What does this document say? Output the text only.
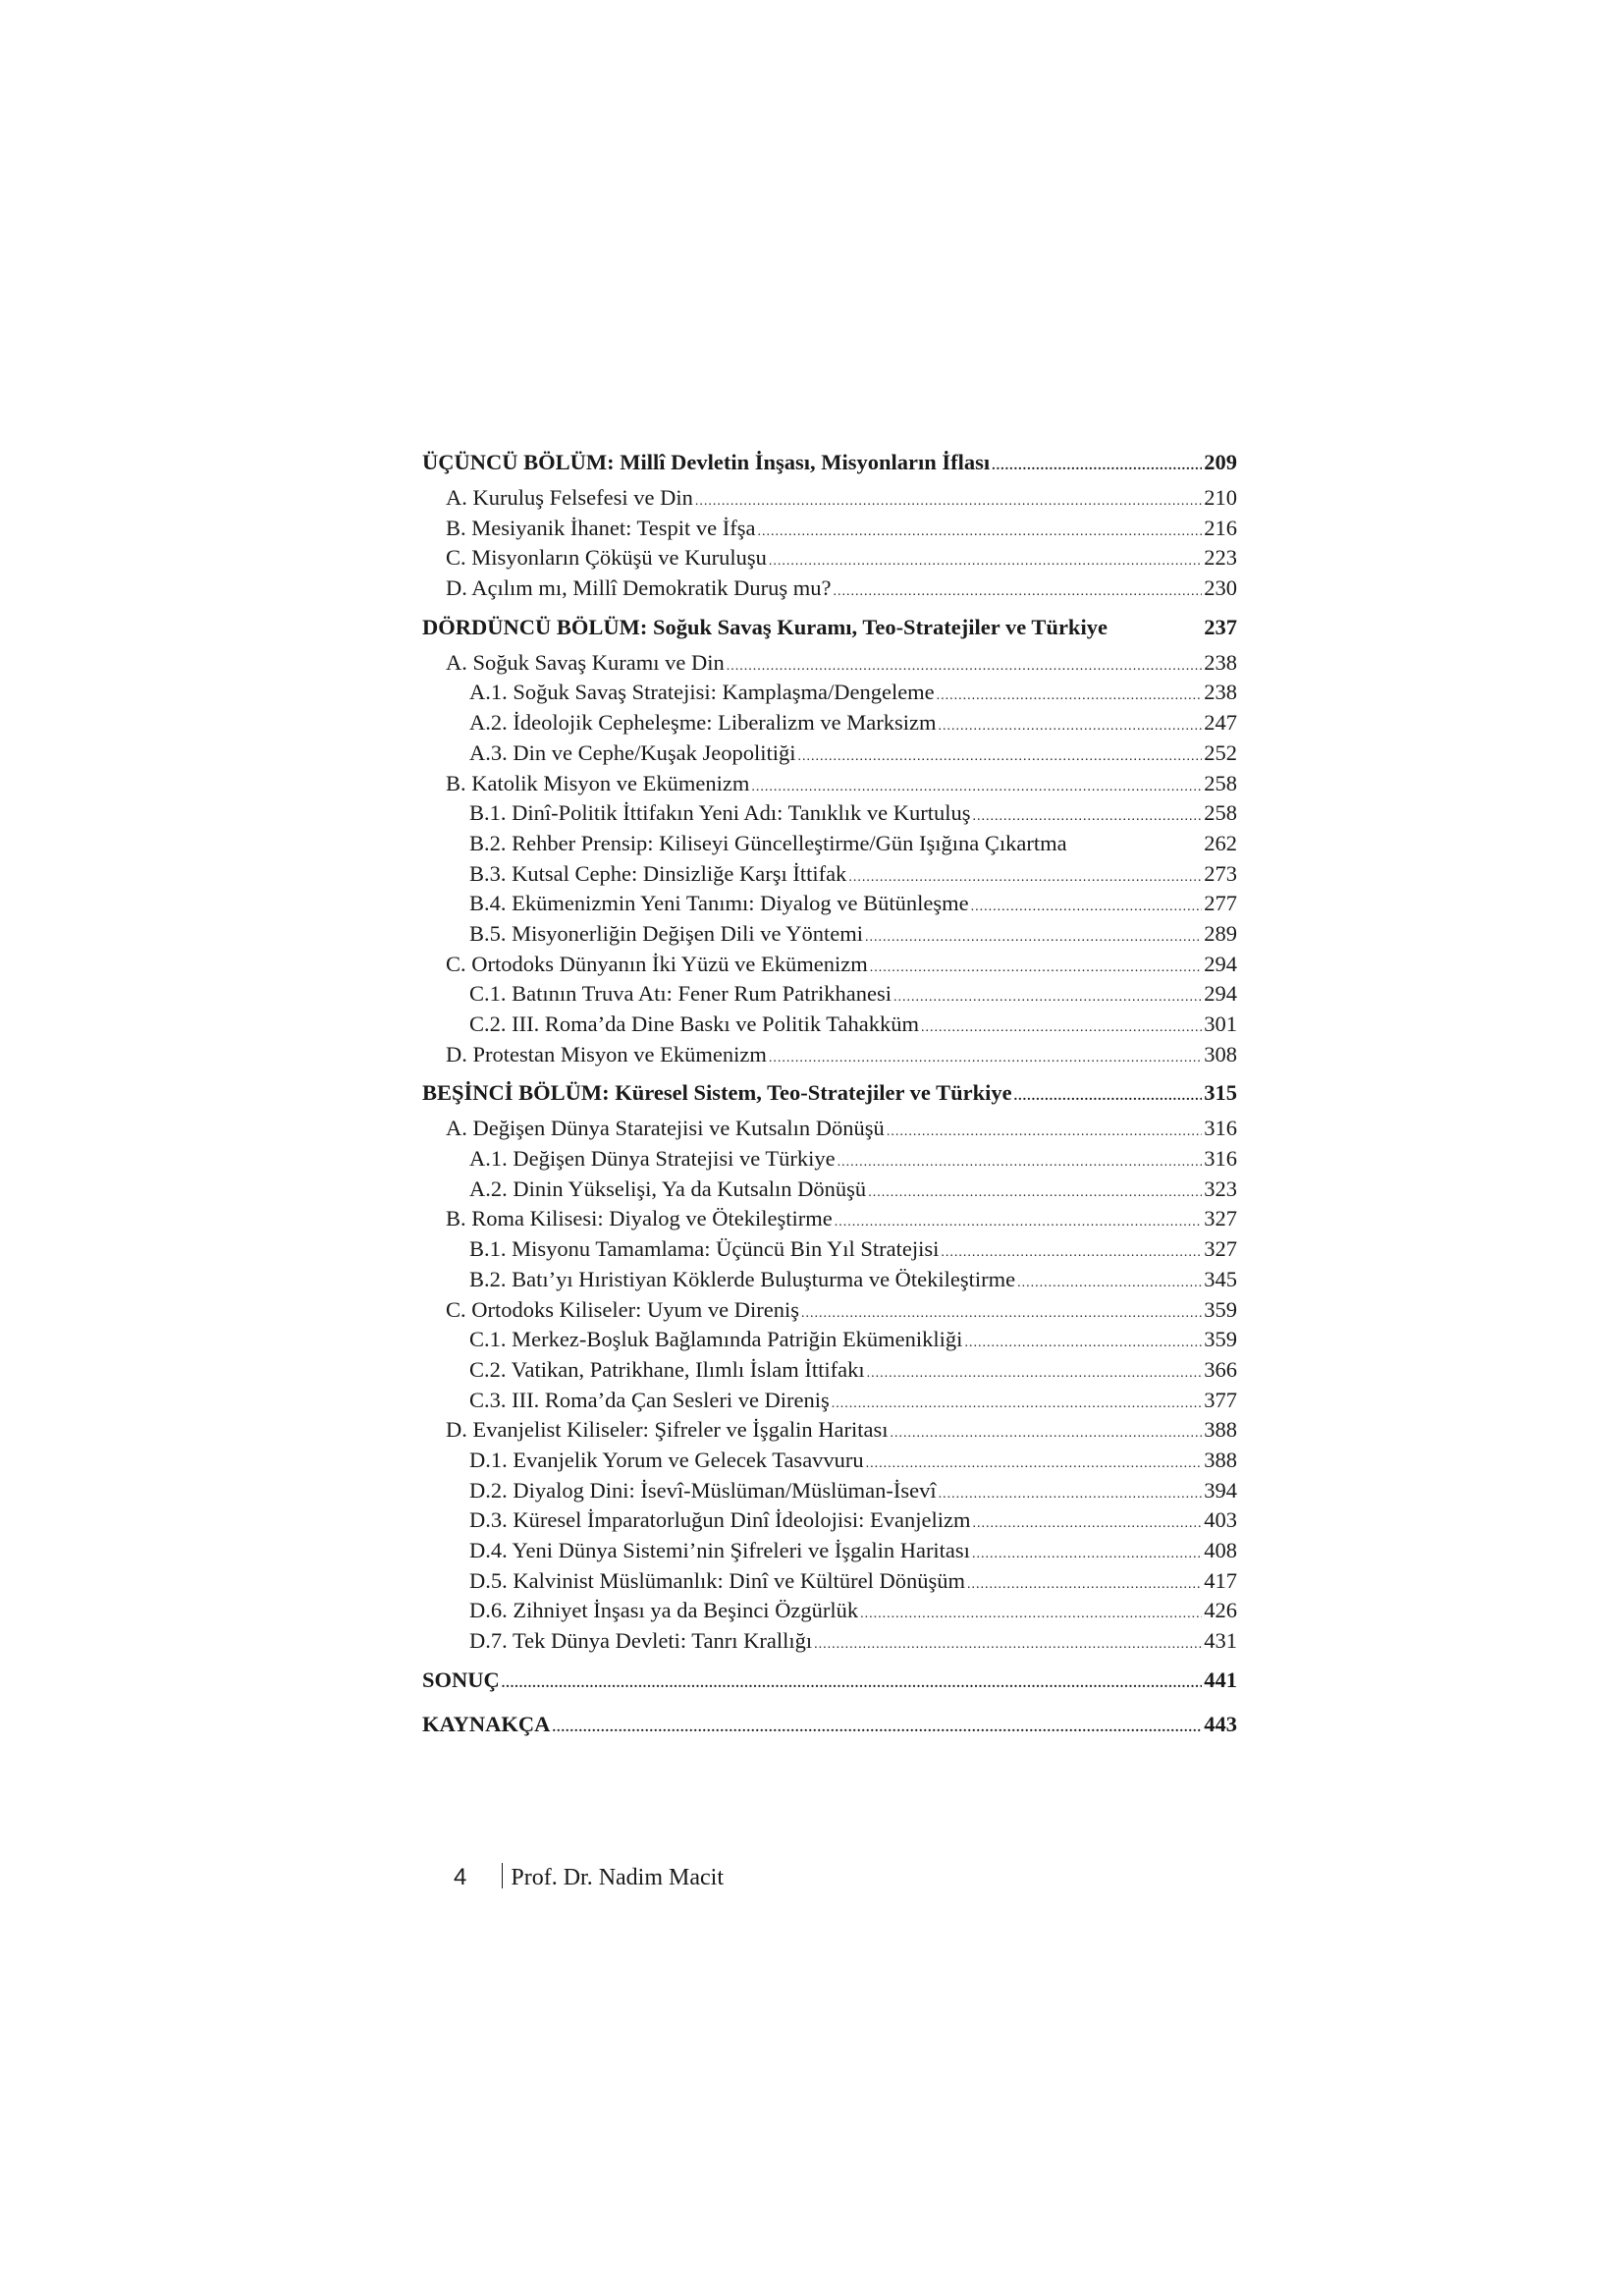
ÜÇÜNCÜ BÖLÜM: Millî Devletin İnşası, Misyonların İflası .....	209
A. Kuruluş Felsefesi ve Din .....	210
B. Mesiyanik İhanet: Tespit ve İfşa .....	216
C. Misyonların Çöküşü ve Kuruluşu .....	223
D. Açılım mı, Millî Demokratik Duruş mu? .....	230
DÖRDÜNCÜ BÖLÜM: Soğuk Savaş Kuramı, Teo-Stratejiler ve Türkiye	237
A. Soğuk Savaş Kuramı ve Din .....	238
A.1. Soğuk Savaş Stratejisi: Kamplaşma/Dengeleme .....	238
A.2. İdeolojik Cepheleşme: Liberalizm ve Marksizm .....	247
A.3. Din ve Cephe/Kuşak Jeopolitiği .....	252
B. Katolik Misyon ve Ekümenizm .....	258
B.1. Dinî-Politik İttifakın Yeni Adı: Tanıklık ve Kurtuluş .....	258
B.2. Rehber Prensip: Kiliseyi Güncelleştirme/Gün Işığına Çıkartma	262
B.3. Kutsal Cephe: Dinsizliğe Karşı İttifak .....	273
B.4. Ekümenizmin Yeni Tanımı: Diyalog ve Bütünleşme .....	277
B.5. Misyonerliğin Değişen Dili ve Yöntemi .....	289
C. Ortodoks Dünyanın İki Yüzü ve Ekümenizm .....	294
C.1. Batının Truva Atı: Fener Rum Patrikhanesi .....	294
C.2. III. Roma’da Dine Baskı ve Politik Tahakküm .....	301
D. Protestan Misyon ve Ekümenizm .....	308
BEŞİNCİ BÖLÜM: Küresel Sistem, Teo-Stratejiler ve Türkiye .....	315
A. Değişen Dünya Staratejisi ve Kutsalın Dönüşü .....	316
A.1. Değişen Dünya Stratejisi ve Türkiye .....	316
A.2. Dinin Yükselişi, Ya da Kutsalın Dönüşü .....	323
B. Roma Kilisesi: Diyalog ve Ötekileştirme .....	327
B.1. Misyonu Tamamlama: Üçüncü Bin Yıl Stratejisi .....	327
B.2. Batı’yı Hıristiyan Köklerde Buluşturma ve Ötekileştirme .....	345
C. Ortodoks Kiliseler: Uyum ve Direniş .....	359
C.1. Merkez-Boşluk Bağlamında Patriğin Ekümenikliği .....	359
C.2. Vatikan, Patrikhane, Ilımlı İslam İttifakı .....	366
C.3. III. Roma’da Çan Sesleri ve Direniş .....	377
D. Evanjelist Kiliseler: Şifreler ve İşgalin Haritası .....	388
D.1. Evanjelik Yorum ve Gelecek Tasavvuru .....	388
D.2. Diyalog Dini: İsevî-Müslüman/Müslüman-İsevî .....	394
D.3. Küresel İmparatorluğun Dinî İdeolojisi: Evanjelizm .....	403
D.4. Yeni Dünya Sistemi’nin Şifreleri ve İşgalin Haritası .....	408
D.5. Kalvinist Müslümanlık: Dinî ve Kültürel Dönüşüm .....	417
D.6. Zihniyet İnşası ya da Beşinci Özgürlük .....	426
D.7. Tek Dünya Devleti: Tanrı Krallığı .....	431
SONUÇ .....	441
KAYNAKÇA .....	443
4 Prof. Dr. Nadim Macit
